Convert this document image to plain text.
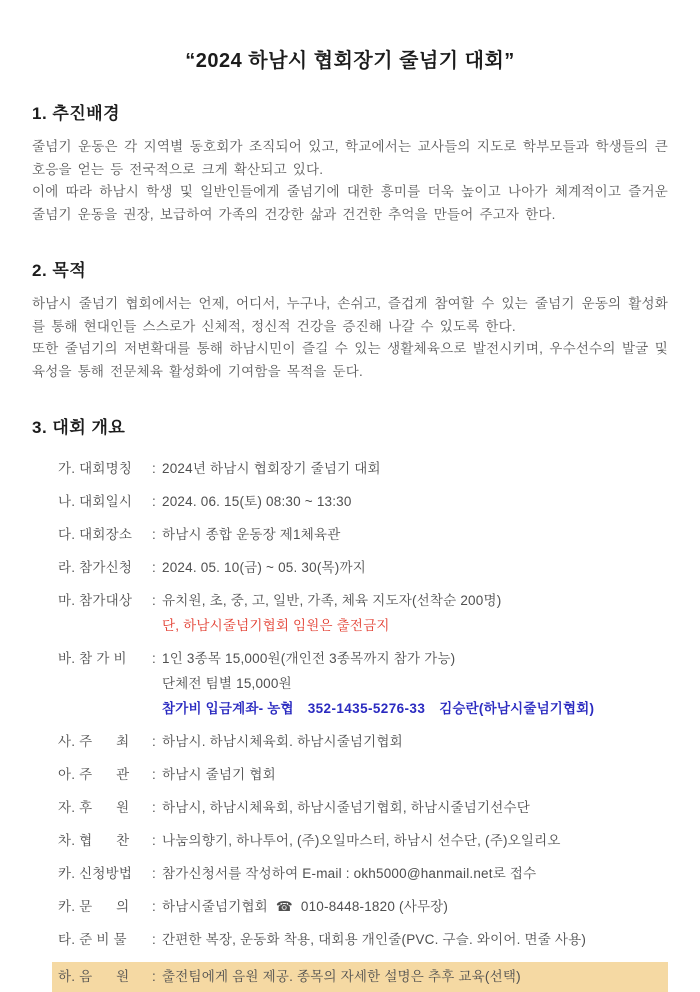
“2024 하남시 협회장기 줄넘기 대회”
1. 추진배경

줄넘기 운동은 각 지역별 동호회가 조직되어 있고, 학교에서는 교사들의 지도로 학부모들과 학생들의 큰 호응을 얻는 등 전국적으로 크게 확산되고 있다.

이에 따라 하남시 학생 및 일반인들에게 줄넘기에 대한 흥미를 더욱 높이고 나아가 체계적이고 즐거운 줄넘기 운동을 권장, 보급하여 가족의 건강한 삶과 건건한 추억을 만들어 주고자 한다.

2. 목적

하남시 줄넘기 협회에서는 언제, 어디서, 누구나, 손쉬고, 즐겁게 참여할 수 있는 줄넘기 운동의 활성화를 통해 현대인들 스스로가 신체적, 정신적 건강을 증진해 나갈 수 있도록 한다.

또한 줄넘기의 저변확대를 통해 하남시민이 즐길 수 있는 생활체육으로 발전시키며, 우수선수의 발굴 및 육성을 통해 전문체육 활성화에 기여함을 목적을 둔다.

3. 대회 개요
가. 대회명칭	: 2024년 하남시 협회장기 줄넘기 대회
나. 대회일시	: 2024. 06. 15(토) 08:30 ~ 13:30
다. 대회장소	: 하남시 종합 운동장 제1체육관
라. 참가신청	: 2024. 05. 10(금) ~ 05. 30(목)까지
마. 참가대상	: 유치원, 초, 중, 고, 일반, 가족, 체육 지도자(선착순 200명)
단, 하남시줄넘기협회 임원은 출전금지
바. 참 가 비	: 1인 3종목 15,000원(개인전 3종목까지 참가 가능)
단체전 팀별 15,000원
참가비 입금계좌- 농협 352-1435-5276-33 김승란(하남시줄넘기협회)
사. 주      최	: 하남시. 하남시체육회. 하남시줄넘기협회
아. 주      관	: 하남시 줄넘기 협회
자. 후      원	: 하남시, 하남시체육회, 하남시줄넘기협회, 하남시줄넘기선수단
차. 협      찬	: 나눔의향기, 하나투어, (주)오일마스터, 하남시 선수단, (주)오일리오
카. 신청방법	: 참가신청서를 작성하여 E-mail : okh5000@hanmail.net로 접수
카. 문      의	: 하남시줄넘기협회 ☎ 010-8448-1820 (사무장)
타. 준 비 물	: 간편한 복장, 운동화 착용, 대회용 개인줄(PVC. 구슬. 와이어. 면줄 사용)
하. 음      원	: 출전팀에게 음원 제공. 종목의 자세한 설명은 추후 교육(선택)
